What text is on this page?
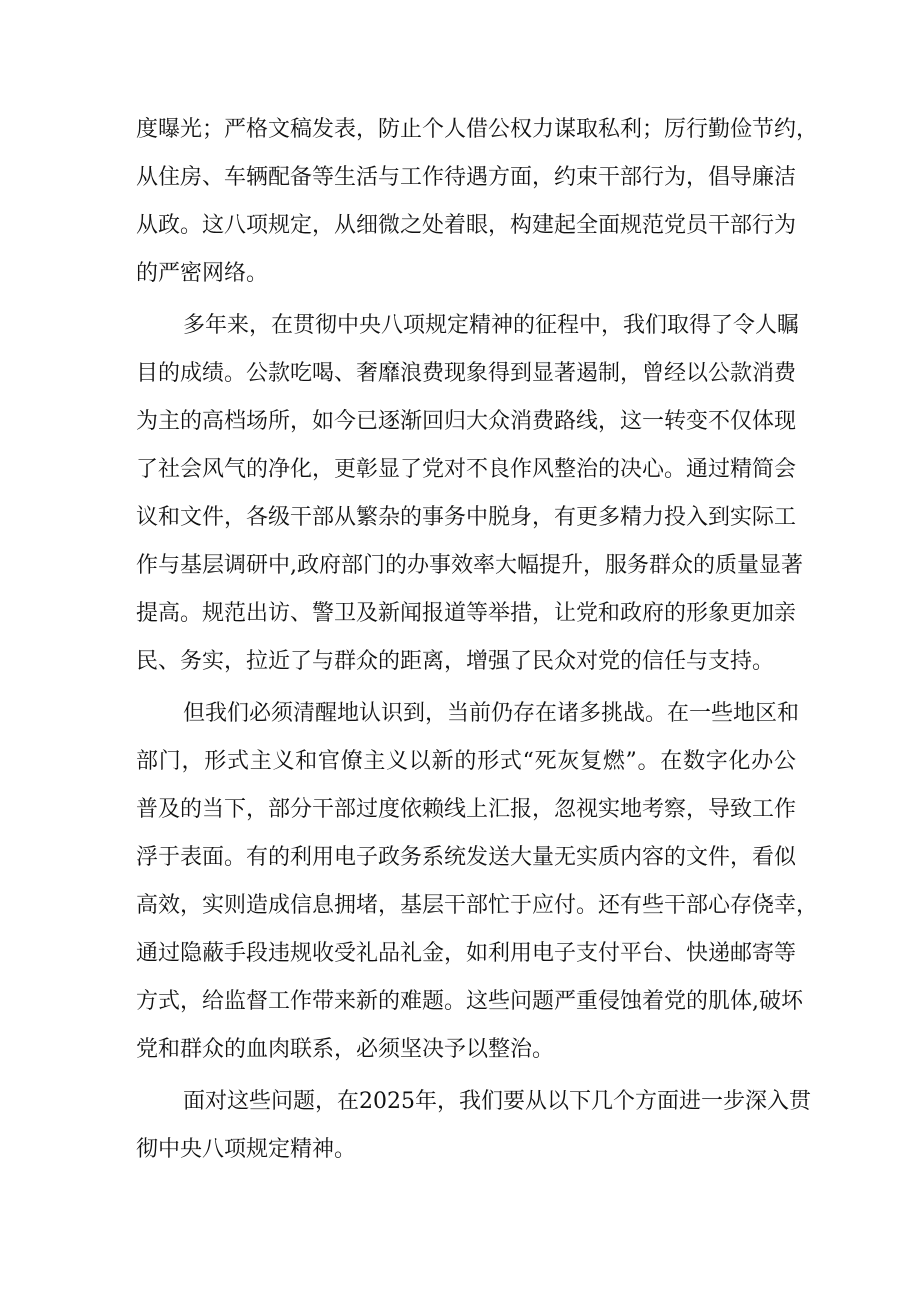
度曝光；严格文稿发表，防止个人借公权力谋取私利；厉行勤俭节约，
从住房、车辆配备等生活与工作待遇方面，约束干部行为，倡导廉洁
从政。这八项规定，从细微之处着眼，构建起全面规范党员干部行为
的严密网络。
多年来，在贯彻中央八项规定精神的征程中，我们取得了令人瞩
目的成绩。公款吃喝、奢靡浪费现象得到显著遏制，曾经以公款消费
为主的高档场所，如今已逐渐回归大众消费路线，这一转变不仅体现
了社会风气的净化，更彰显了党对不良作风整治的决心。通过精简会
议和文件，各级干部从繁杂的事务中脱身，有更多精力投入到实际工
作与基层调研中,政府部门的办事效率大幅提升，服务群众的质量显著
提高。规范出访、警卫及新闻报道等举措，让党和政府的形象更加亲
民、务实，拉近了与群众的距离，增强了民众对党的信任与支持。
但我们必须清醒地认识到，当前仍存在诸多挑战。在一些地区和
部门，形式主义和官僚主义以新的形式“死灰复燃”。在数字化办公
普及的当下，部分干部过度依赖线上汇报，忽视实地考察，导致工作
浮于表面。有的利用电子政务系统发送大量无实质内容的文件，看似
高效，实则造成信息拥堵，基层干部忙于应付。还有些干部心存侥幸，
通过隐蔽手段违规收受礼品礼金，如利用电子支付平台、快递邮寄等
方式，给监督工作带来新的难题。这些问题严重侵蚀着党的肌体,破坏
党和群众的血肉联系，必须坚决予以整治。
面对这些问题，在2025年，我们要从以下几个方面进一步深入贯
彻中央八项规定精神。
